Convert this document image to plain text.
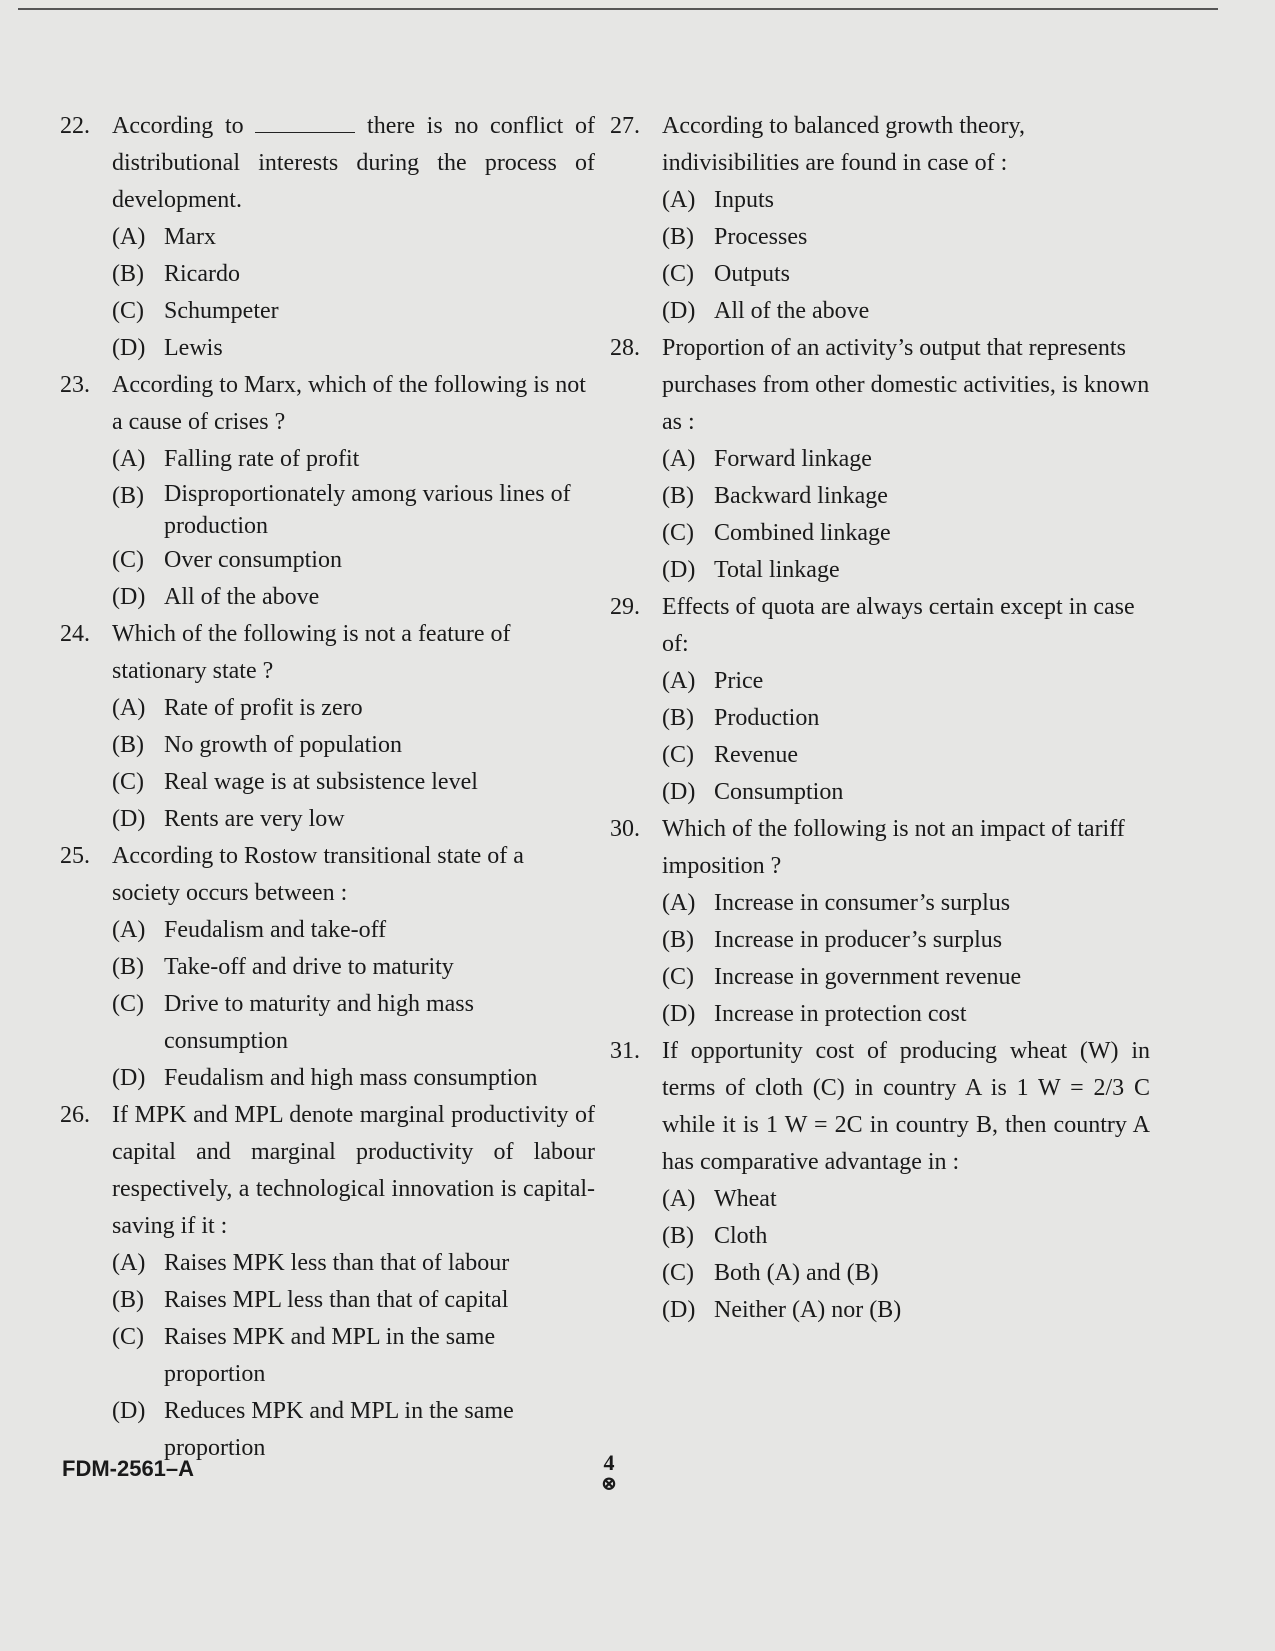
22. According to	there is no conflict of distributional interests during the process of development.
(A) Marx
(B) Ricardo
(C) Schumpeter
(D) Lewis
23. According to Marx, which of the following is not a cause of crises ?
(A) Falling rate of profit
(B) Disproportionately among various lines of production
(C) Over consumption
(D) All of the above
24. Which of the following is not a feature of stationary state ?
(A) Rate of profit is zero
(B) No growth of population
(C) Real wage is at subsistence level
(D) Rents are very low
25. According to Rostow transitional state of a society occurs between :
(A) Feudalism and take-off
(B) Take-off and drive to maturity
(C) Drive to maturity and high mass consumption
(D) Feudalism and high mass consumption
26. If MPK and MPL denote marginal productivity of capital and marginal productivity of labour respectively, a technological innovation is capital-saving if it :
(A) Raises MPK less than that of labour
(B) Raises MPL less than that of capital
(C) Raises MPK and MPL in the same proportion
(D) Reduces MPK and MPL in the same proportion
27. According to balanced growth theory, indivisibilities are found in case of :
(A) Inputs
(B) Processes
(C) Outputs
(D) All of the above
28. Proportion of an activity’s output that represents purchases from other domestic activities, is known as :
(A) Forward linkage
(B) Backward linkage
(C) Combined linkage
(D) Total linkage
29. Effects of quota are always certain except in case of:
(A) Price
(B) Production
(C) Revenue
(D) Consumption
30. Which of the following is not an impact of tariff imposition ?
(A) Increase in consumer’s surplus
(B) Increase in producer’s surplus
(C) Increase in government revenue
(D) Increase in protection cost
31. If opportunity cost of producing wheat (W) in terms of cloth (C) in country A is 1 W = 2/3 C while it is 1 W = 2C in country B, then country A has comparative advantage in :
(A) Wheat
(B) Cloth
(C) Both (A) and (B)
(D) Neither (A) nor (B)
FDM-2561–A	4
⊗
